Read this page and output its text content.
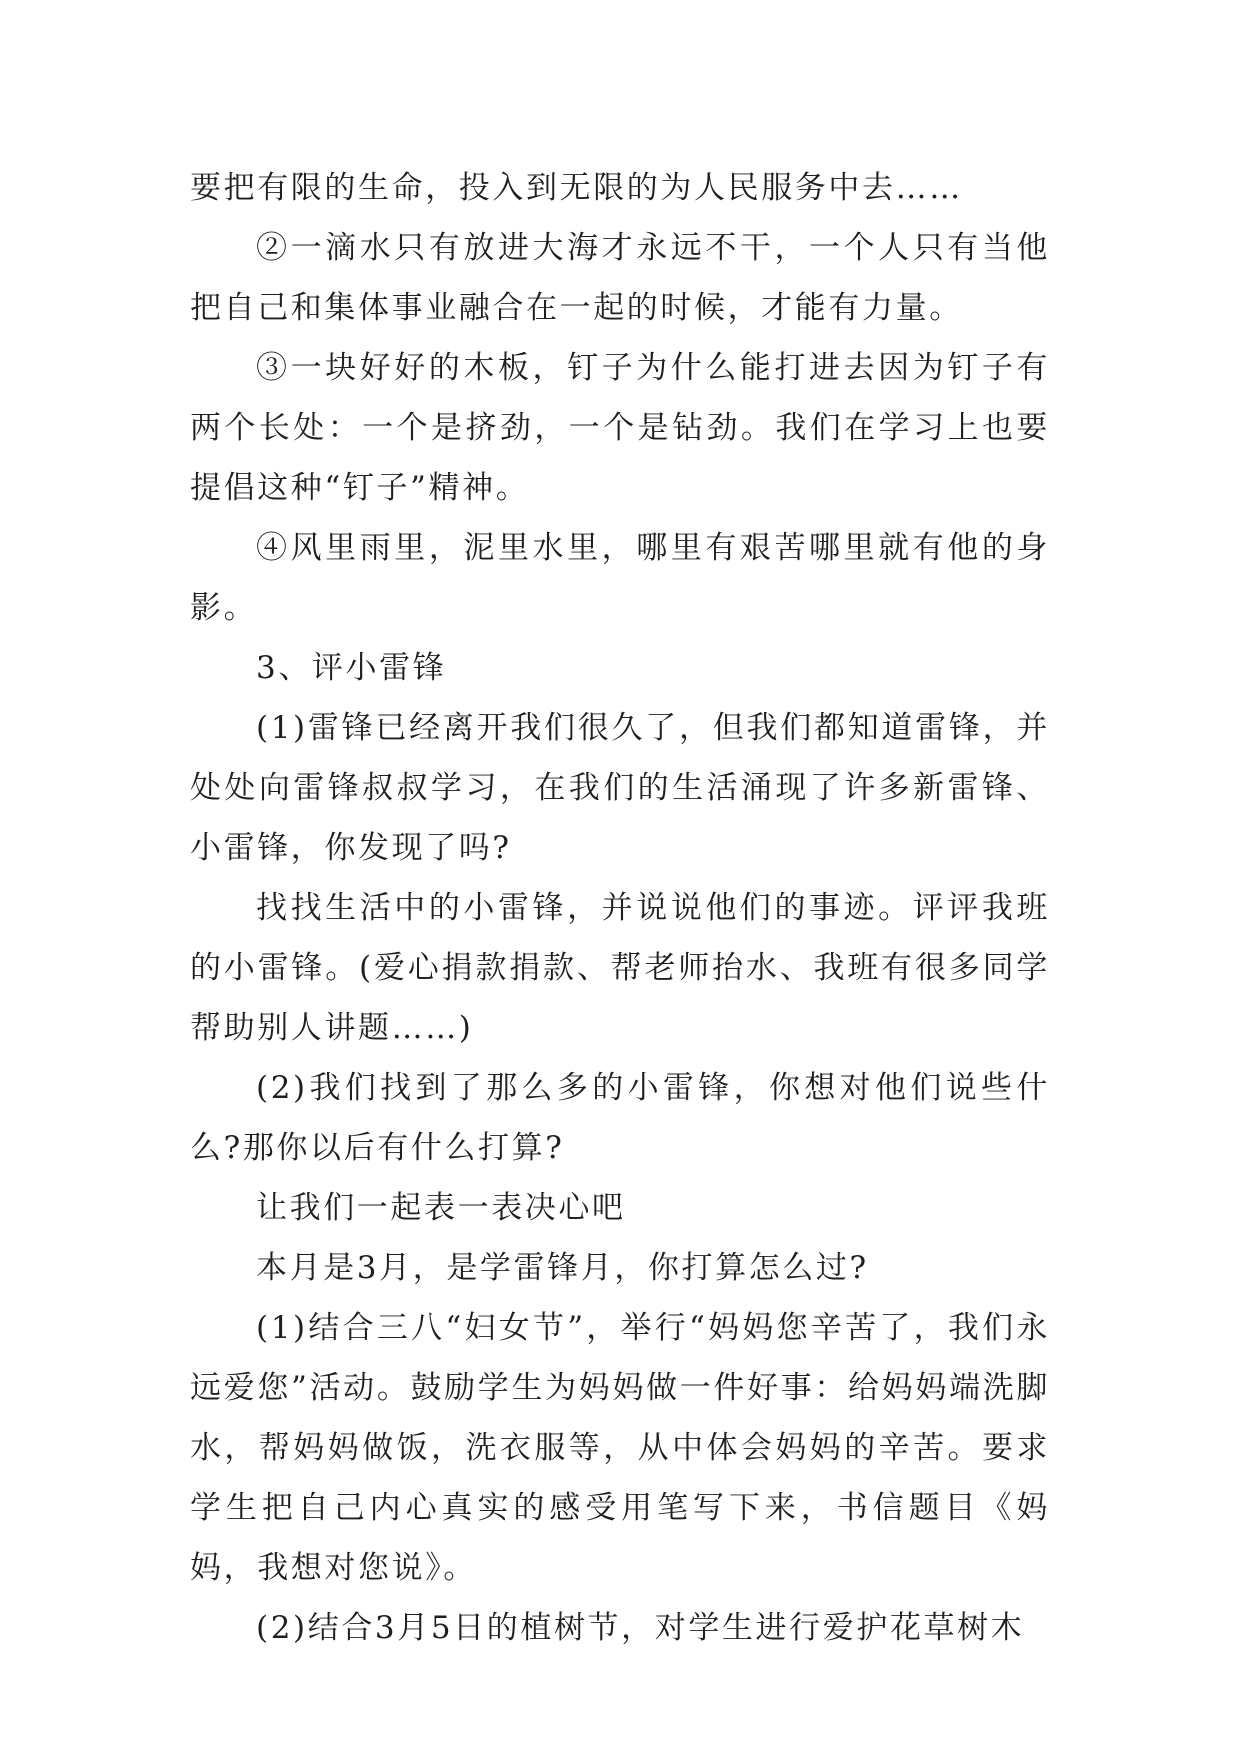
要把有限的生命，投入到无限的为人民服务中去……

②一滴水只有放进大海才永远不干，一个人只有当他把自己和集体事业融合在一起的时候，才能有力量。

③一块好好的木板，钉子为什么能打进去因为钉子有两个长处：一个是挤劲，一个是钻劲。我们在学习上也要提倡这种“钉子”精神。

④风里雨里，泥里水里，哪里有艰苦哪里就有他的身影。

3、评小雷锋

(1)雷锋已经离开我们很久了，但我们都知道雷锋，并处处向雷锋叔叔学习，在我们的生活涌现了许多新雷锋、小雷锋，你发现了吗?

找找生活中的小雷锋，并说说他们的事迹。评评我班的小雷锋。(爱心捐款捐款、帮老师抬水、我班有很多同学帮助别人讲题……)

(2)我们找到了那么多的小雷锋，你想对他们说些什么?那你以后有什么打算?

让我们一起表一表决心吧

本月是3月，是学雷锋月，你打算怎么过?

(1)结合三八“妇女节”，举行“妈妈您辛苦了，我们永远爱您”活动。鼓励学生为妈妈做一件好事：给妈妈端洗脚水，帮妈妈做饭，洗衣服等，从中体会妈妈的辛苦。要求学生把自己内心真实的感受用笔写下来，书信题目《妈妈，我想对您说》。

(2)结合3月5日的植树节，对学生进行爱护花草树木
